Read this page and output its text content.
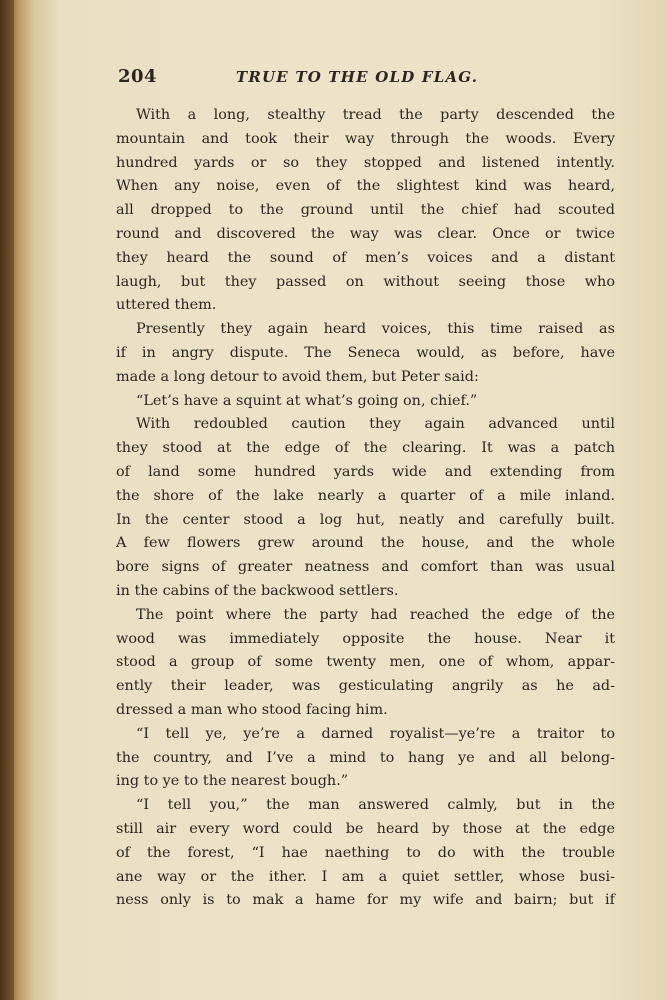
204	TRUE TO THE OLD FLAG.
With a long, stealthy tread the party descended the
mountain and took their way through the woods. Every
hundred yards or so they stopped and listened intently.
When any noise, even of the slightest kind was heard,
all dropped to the ground until the chief had scouted
round and discovered the way was clear. Once or twice
they heard the sound of men’s voices and a distant
laugh, but they passed on without seeing those who
uttered them.
Presently they again heard voices, this time raised as
if in angry dispute. The Seneca would, as before, have
made a long detour to avoid them, but Peter said:
“Let’s have a squint at what’s going on, chief.”
With redoubled caution they again advanced until
they stood at the edge of the clearing. It was a patch
of land some hundred yards wide and extending from
the shore of the lake nearly a quarter of a mile inland.
In the center stood a log hut, neatly and carefully built.
A few flowers grew around the house, and the whole
bore signs of greater neatness and comfort than was usual
in the cabins of the backwood settlers.
The point where the party had reached the edge of the
wood was immediately opposite the house. Near it
stood a group of some twenty men, one of whom, appar-
ently their leader, was gesticulating angrily as he ad-
dressed a man who stood facing him.
“I tell ye, ye’re a darned royalist—ye’re a traitor to
the country, and I’ve a mind to hang ye and all belong-
ing to ye to the nearest bough.”
“I tell you,” the man answered calmly, but in the
still air every word could be heard by those at the edge
of the forest, “I hae naething to do with the trouble
ane way or the ither. I am a quiet settler, whose busi-
ness only is to mak a hame for my wife and bairn; but if
